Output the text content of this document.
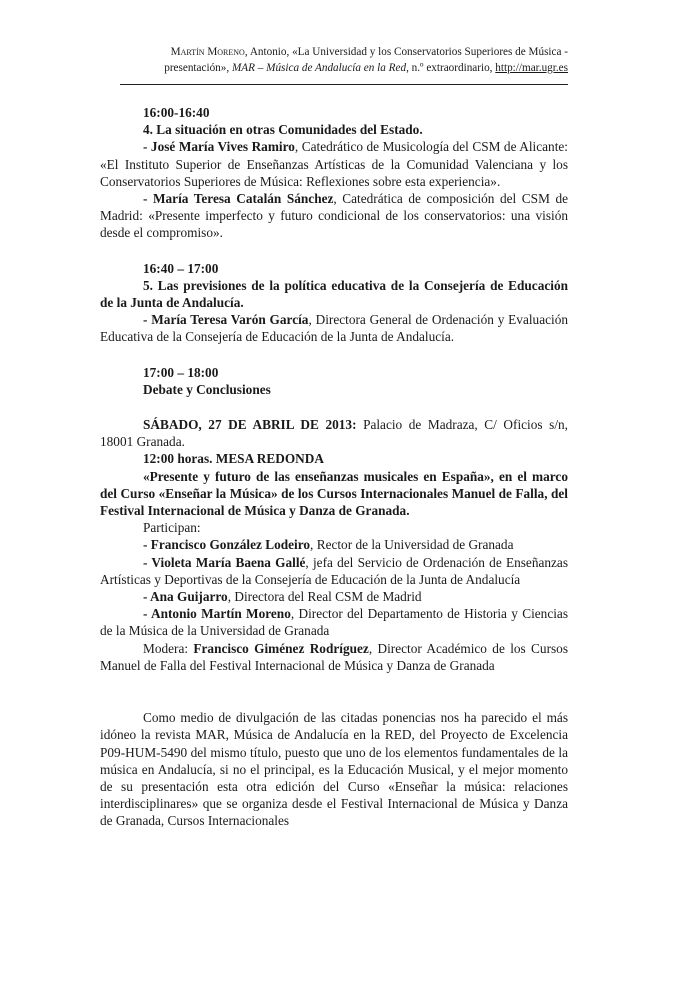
Martín Moreno, Antonio, «La Universidad y los Conservatorios Superiores de Música -
presentación», MAR – Música de Andalucía en la Red, n.º extraordinario, http://mar.ugr.es

16:00-16:40

4. La situación en otras Comunidades del Estado.

- José María Vives Ramiro, Catedrático de Musicología del CSM de Alicante: «El Instituto Superior de Enseñanzas Artísticas de la Comunidad Valenciana y los Conservatorios Superiores de Música: Reflexiones sobre esta experiencia».

- María Teresa Catalán Sánchez, Catedrática de composición del CSM de Madrid: «Presente imperfecto y futuro condicional de los conservatorios: una visión desde el compromiso».

16:40 – 17:00

5. Las previsiones de la política educativa de la Consejería de Educación de la Junta de Andalucía.

- María Teresa Varón García, Directora General de Ordenación y Evaluación Educativa de la Consejería de Educación de la Junta de Andalucía.

17:00 – 18:00

Debate y Conclusiones

SÁBADO, 27 DE ABRIL DE 2013: Palacio de Madraza, C/ Oficios s/n, 18001 Granada.

12:00 horas. MESA REDONDA

«Presente y futuro de las enseñanzas musicales en España», en el marco del Curso «Enseñar la Música» de los Cursos Internacionales Manuel de Falla, del Festival Internacional de Música y Danza de Granada.

Participan:

- Francisco González Lodeiro, Rector de la Universidad de Granada

- Violeta María Baena Gallé, jefa del Servicio de Ordenación de Enseñanzas Artísticas y Deportivas de la Consejería de Educación de la Junta de Andalucía

- Ana Guijarro, Directora del Real CSM de Madrid

- Antonio Martín Moreno, Director del Departamento de Historia y Ciencias de la Música de la Universidad de Granada

Modera: Francisco Giménez Rodríguez, Director Académico de los Cursos Manuel de Falla del Festival Internacional de Música y Danza de Granada

Como medio de divulgación de las citadas ponencias nos ha parecido el más idóneo la revista MAR, Música de Andalucía en la RED, del Proyecto de Excelencia P09-HUM-5490 del mismo título, puesto que uno de los elementos fundamentales de la música en Andalucía, si no el principal, es la Educación Musical, y el mejor momento de su presentación esta otra edición del Curso «Enseñar la música: relaciones interdisciplinares» que se organiza desde el Festival Internacional de Música y Danza de Granada, Cursos Internacionales
